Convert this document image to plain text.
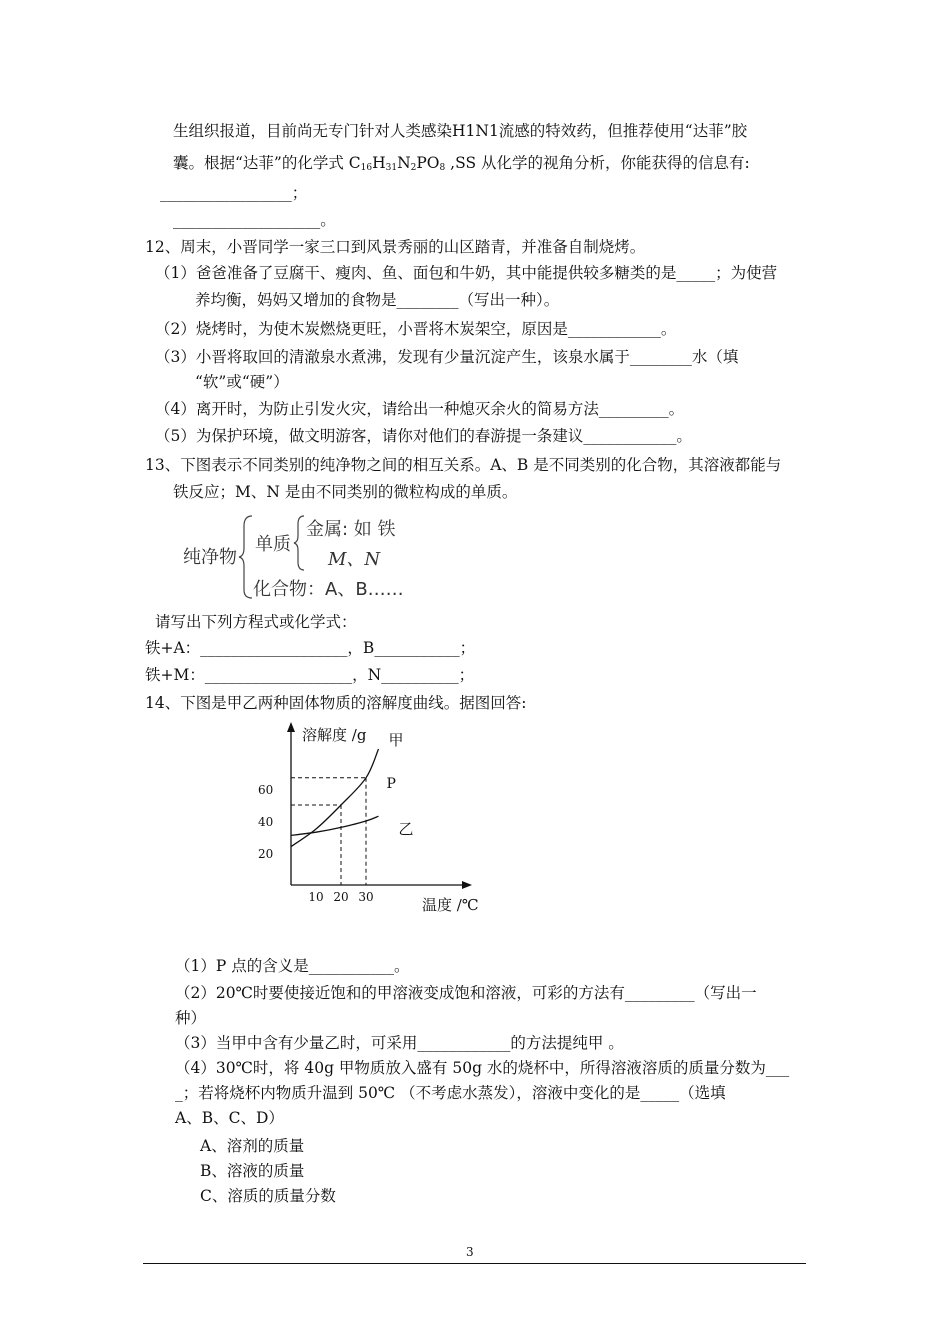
生组织报道，目前尚无专门针对人类感染H1N1流感的特效药，但推荐使用“达菲”胶
囊。根据“达菲”的化学式 $C_{16}H_{31}N_2PO_8$ ,SS 从化学的视角分析，你能获得的信息有:
_________________；
___________________。
12、周末，小晋同学一家三口到风景秀丽的山区踏青，并准备自制烧烤。
（1）爸爸准备了豆腐干、瘦肉、鱼、面包和牛奶，其中能提供较多糖类的是_____；为使营
养均衡，妈妈又增加的食物是________（写出一种）。
（2）烧烤时，为使木炭燃烧更旺，小晋将木炭架空，原因是____________。
（3）小晋将取回的清澈泉水煮沸，发现有少量沉淀产生，该泉水属于________水（填
“软”或“硬”）
（4）离开时，为防止引发火灾，请给出一种熄灭余火的简易方法_________。
（5）为保护环境，做文明游客，请你对他们的春游提一条建议____________。
13、下图表示不同类别的纯净物之间的相互关系。A、B 是不同类别的化合物，其溶液都能与
铁反应；M、N 是由不同类别的微粒构成的单质。
纯净物
单质
金属: 如 铁
M、N
化合物：A、B……
请写出下列方程式或化学式：
铁+A：___________________，B___________；
铁+M：___________________，N__________；
14、下图是甲乙两种固体物质的溶解度曲线。据图回答:
溶解度 /g
温度 /℃
20
40
60
10 20 30
甲
乙
P
（1）P 点的含义是___________。
（2）20℃时要使接近饱和的甲溶液变成饱和溶液，可彩的方法有_________（写出一
种）
（3）当甲中含有少量乙时，可采用____________的方法提纯甲 。
（4）30℃时，将 40g 甲物质放入盛有 50g 水的烧杯中，所得溶液溶质的质量分数为___
_；若将烧杯内物质升温到 50℃ （不考虑水蒸发），溶液中变化的是_____（选填
A、B、C、D）
A、溶剂的质量
B、溶液的质量
C、溶质的质量分数
3
